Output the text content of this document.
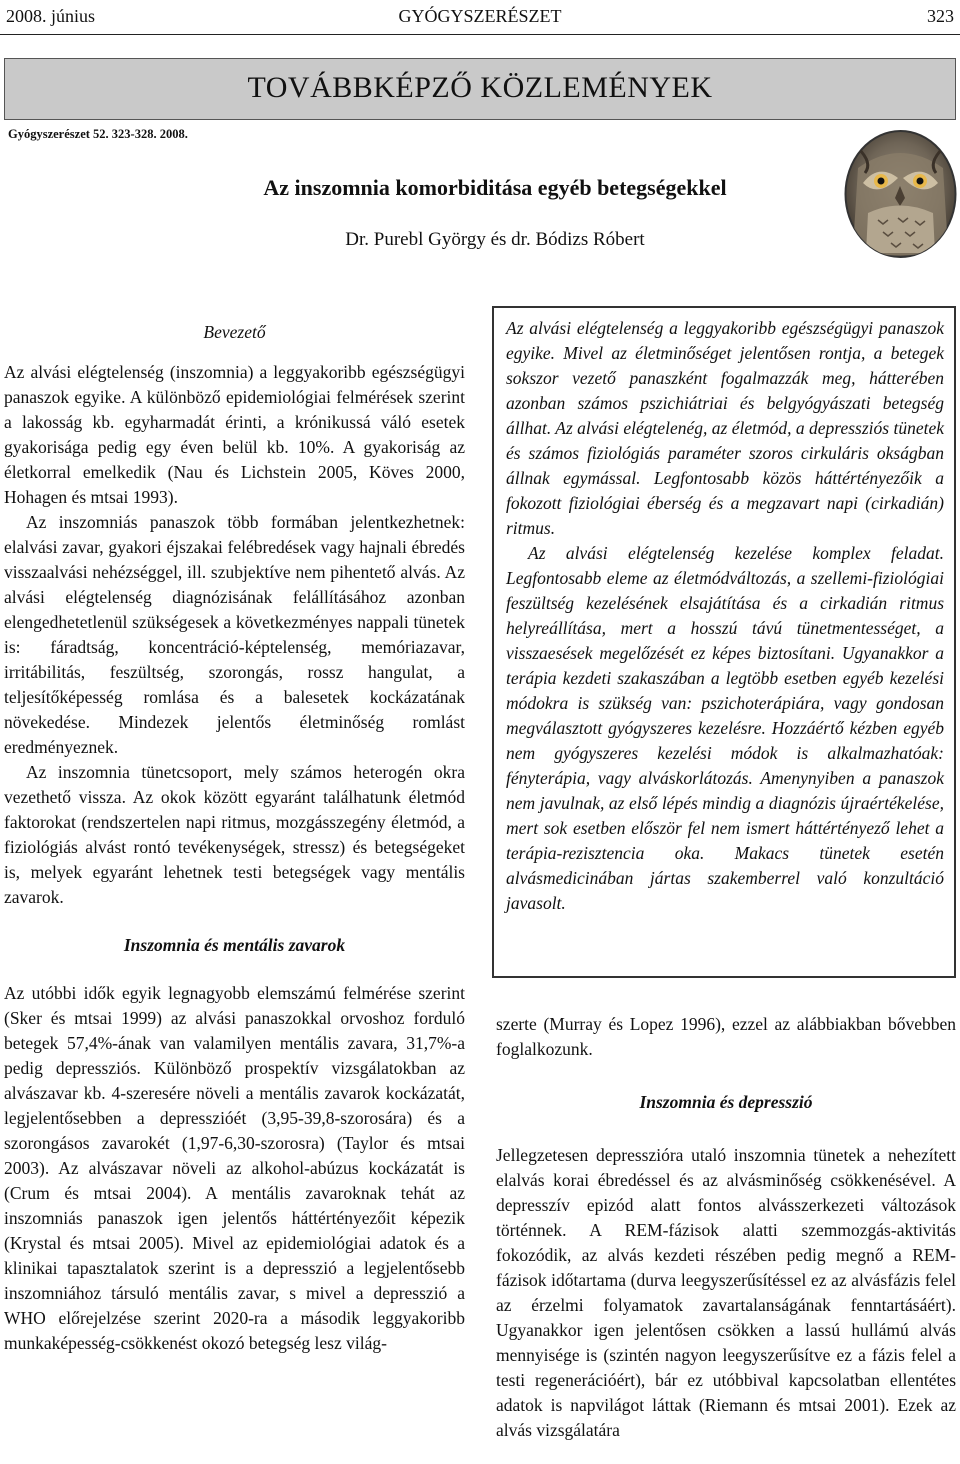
2008. június	GYÓGYSZERÉSZET	323
TOVÁBBKÉPZŐ KÖZLEMÉNYEK
Gyógyszerészet 52. 323-328. 2008.
Az inszomnia komorbiditása egyéb betegségekkel
Dr. Purebl György és dr. Bódizs Róbert
Bevezető

Az alvási elégtelenség (inszomnia) a leggyakoribb egészségügyi panaszok egyike. A különböző epidemiológiai felmérések szerint a lakosság kb. egyharmadát érinti, a krónikussá váló esetek gyakorisága pedig egy éven belül kb. 10%. A gyakoriság az életkorral emelkedik (Nau és Lichstein 2005, Köves 2000, Hohagen és mtsai 1993).

Az inszomniás panaszok több formában jelentkezhetnek: elalvási zavar, gyakori éjszakai felébredések vagy hajnali ébredés visszaalvási nehézséggel, ill. szubjektíve nem pihentető alvás. Az alvási elégtelenség diagnózisának felállításához azonban elengedhetetlenül szükségesek a következményes nappali tünetek is: fáradtság, koncentráció-képtelenség, memóriazavar, irritábilitás, feszültség, szorongás, rossz hangulat, a teljesítőképesség romlása és a balesetek kockázatának növekedése. Mindezek jelentős életminőség romlást eredményeznek.

Az inszomnia tünetcsoport, mely számos heterogén okra vezethető vissza. Az okok között egyaránt találhatunk életmód faktorokat (rendszertelen napi ritmus, mozgásszegény életmód, a fiziológiás alvást rontó tevékenységek, stressz) és betegségeket is, melyek egyaránt lehetnek testi betegségek vagy mentális zavarok.

Inszomnia és mentális zavarok

Az utóbbi idők egyik legnagyobb elemszámú felmérése szerint (Sker és mtsai 1999) az alvási panaszokkal orvoshoz forduló betegek 57,4%-ának van valamilyen mentális zavara, 31,7%-a pedig depressziós. Különböző prospektív vizsgálatokban az alvászavar kb. 4-szeresére növeli a mentális zavarok kockázatát, legjelentősebben a depresszióét (3,95-39,8-szorosára) és a szorongásos zavarokét (1,97-6,30-szorosra) (Taylor és mtsai 2003). Az alvászavar növeli az alkohol-abúzus kockázatát is (Crum és mtsai 2004). A mentális zavaroknak tehát az inszomniás panaszok igen jelentős háttértényezőit képezik (Krystal és mtsai 2005). Mivel az epidemiológiai adatok és a klinikai tapasztalatok szerint is a depresszió a legjelentősebb inszomniához társuló mentális zavar, s mivel a depresszió a WHO előrejelzése szerint 2020-ra a második leggyakoribb munkaképesség-csökkenést okozó betegség lesz világ-

Az alvási elégtelenség a leggyakoribb egészségügyi panaszok egyike. Mivel az életminőséget jelentősen rontja, a betegek sokszor vezető panaszként fogalmazzák meg, hátterében azonban számos pszichiátriai és belgyógyászati betegség állhat. Az alvási elégtelenég, az életmód, a depressziós tünetek és számos fiziológiás paraméter szoros cirkuláris okságban állnak egymással. Legfontosabb közös háttértényezőik a fokozott fiziológiai éberség és a megzavart napi (cirkadián) ritmus.

Az alvási elégtelenség kezelése komplex feladat. Legfontosabb eleme az életmódváltozás, a szellemi-fiziológiai feszültség kezelésének elsajátítása és a cirkadián ritmus helyreállítása, mert a hosszú távú tünetmentességet, a visszaesések megelőzését ez képes biztosítani. Ugyanakkor a terápia kezdeti szakaszában a legtöbb esetben egyéb kezelési módokra is szükség van: pszichoterápiára, vagy gondosan megválasztott gyógyszeres kezelésre. Hozzáértő kézben egyéb nem gyógyszeres kezelési módok is alkalmazhatóak: fényterápia, vagy alváskorlátozás. Amenynyiben a panaszok nem javulnak, az első lépés mindig a diagnózis újraértékelése, mert sok esetben először fel nem ismert háttértényező lehet a terápia-rezisztencia oka. Makacs tünetek esetén alvásmedicinában jártas szakemberrel való konzultáció javasolt.

szerte (Murray és Lopez 1996), ezzel az alábbiakban bővebben foglalkozunk.

Inszomnia és depresszió

Jellegzetesen depresszióra utaló inszomnia tünetek a nehezített elalvás korai ébredéssel és az alvásminőség csökkenésével. A depresszív epizód alatt fontos alvásszerkezeti változások történnek. A REM-fázisok alatti szemmozgás-aktivitás fokozódik, az alvás kezdeti részében pedig megnő a REM-fázisok időtartama (durva leegyszerűsítéssel ez az alvásfázis felel az érzelmi folyamatok zavartalanságának fenntartásáért). Ugyanakkor igen jelentősen csökken a lassú hullámú alvás mennyisége is (szintén nagyon leegyszerűsítve ez a fázis felel a testi regenerációért), bár ez utóbbival kapcsolatban ellentétes adatok is napvilágot láttak (Riemann és mtsai 2001). Ezek az alvás vizsgálatára
